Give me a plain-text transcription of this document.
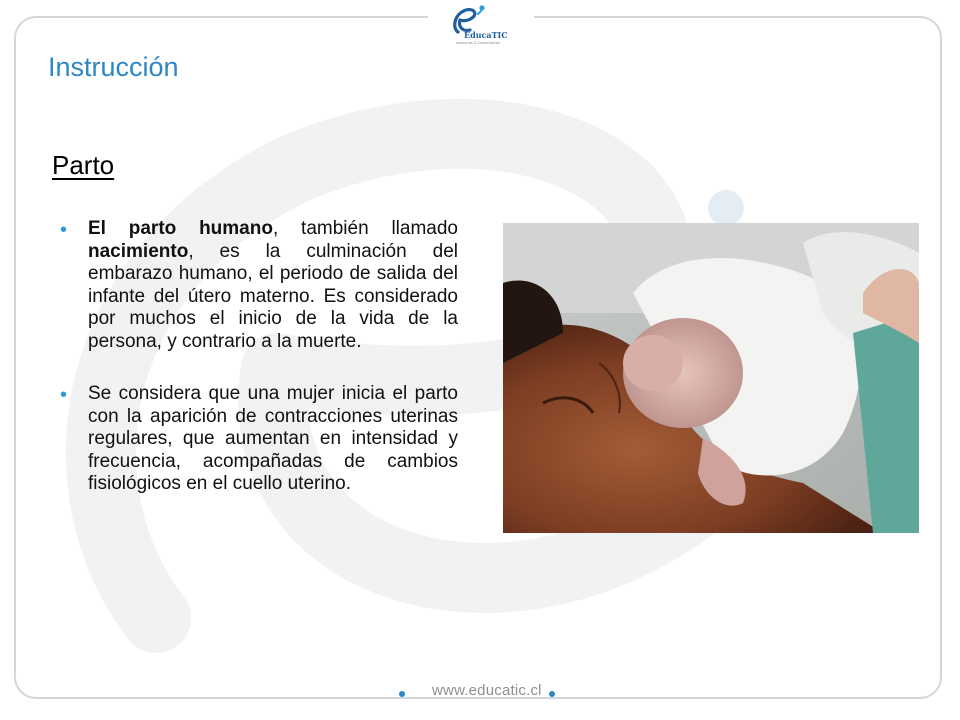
EducaTIC
Asesorías & Capacitación
Instrucción
Parto
• El parto humano, también llamado nacimiento, es la culminación del embarazo humano, el periodo de salida del infante del útero materno. Es considerado por muchos el inicio de la vida de la persona, y contrario a la muerte.
• Se considera que una mujer inicia el parto con la aparición de contracciones uterinas regulares, que aumentan en intensidad y frecuencia, acompañadas de cambios fisiológicos en el cuello uterino.
www.educatic.cl
